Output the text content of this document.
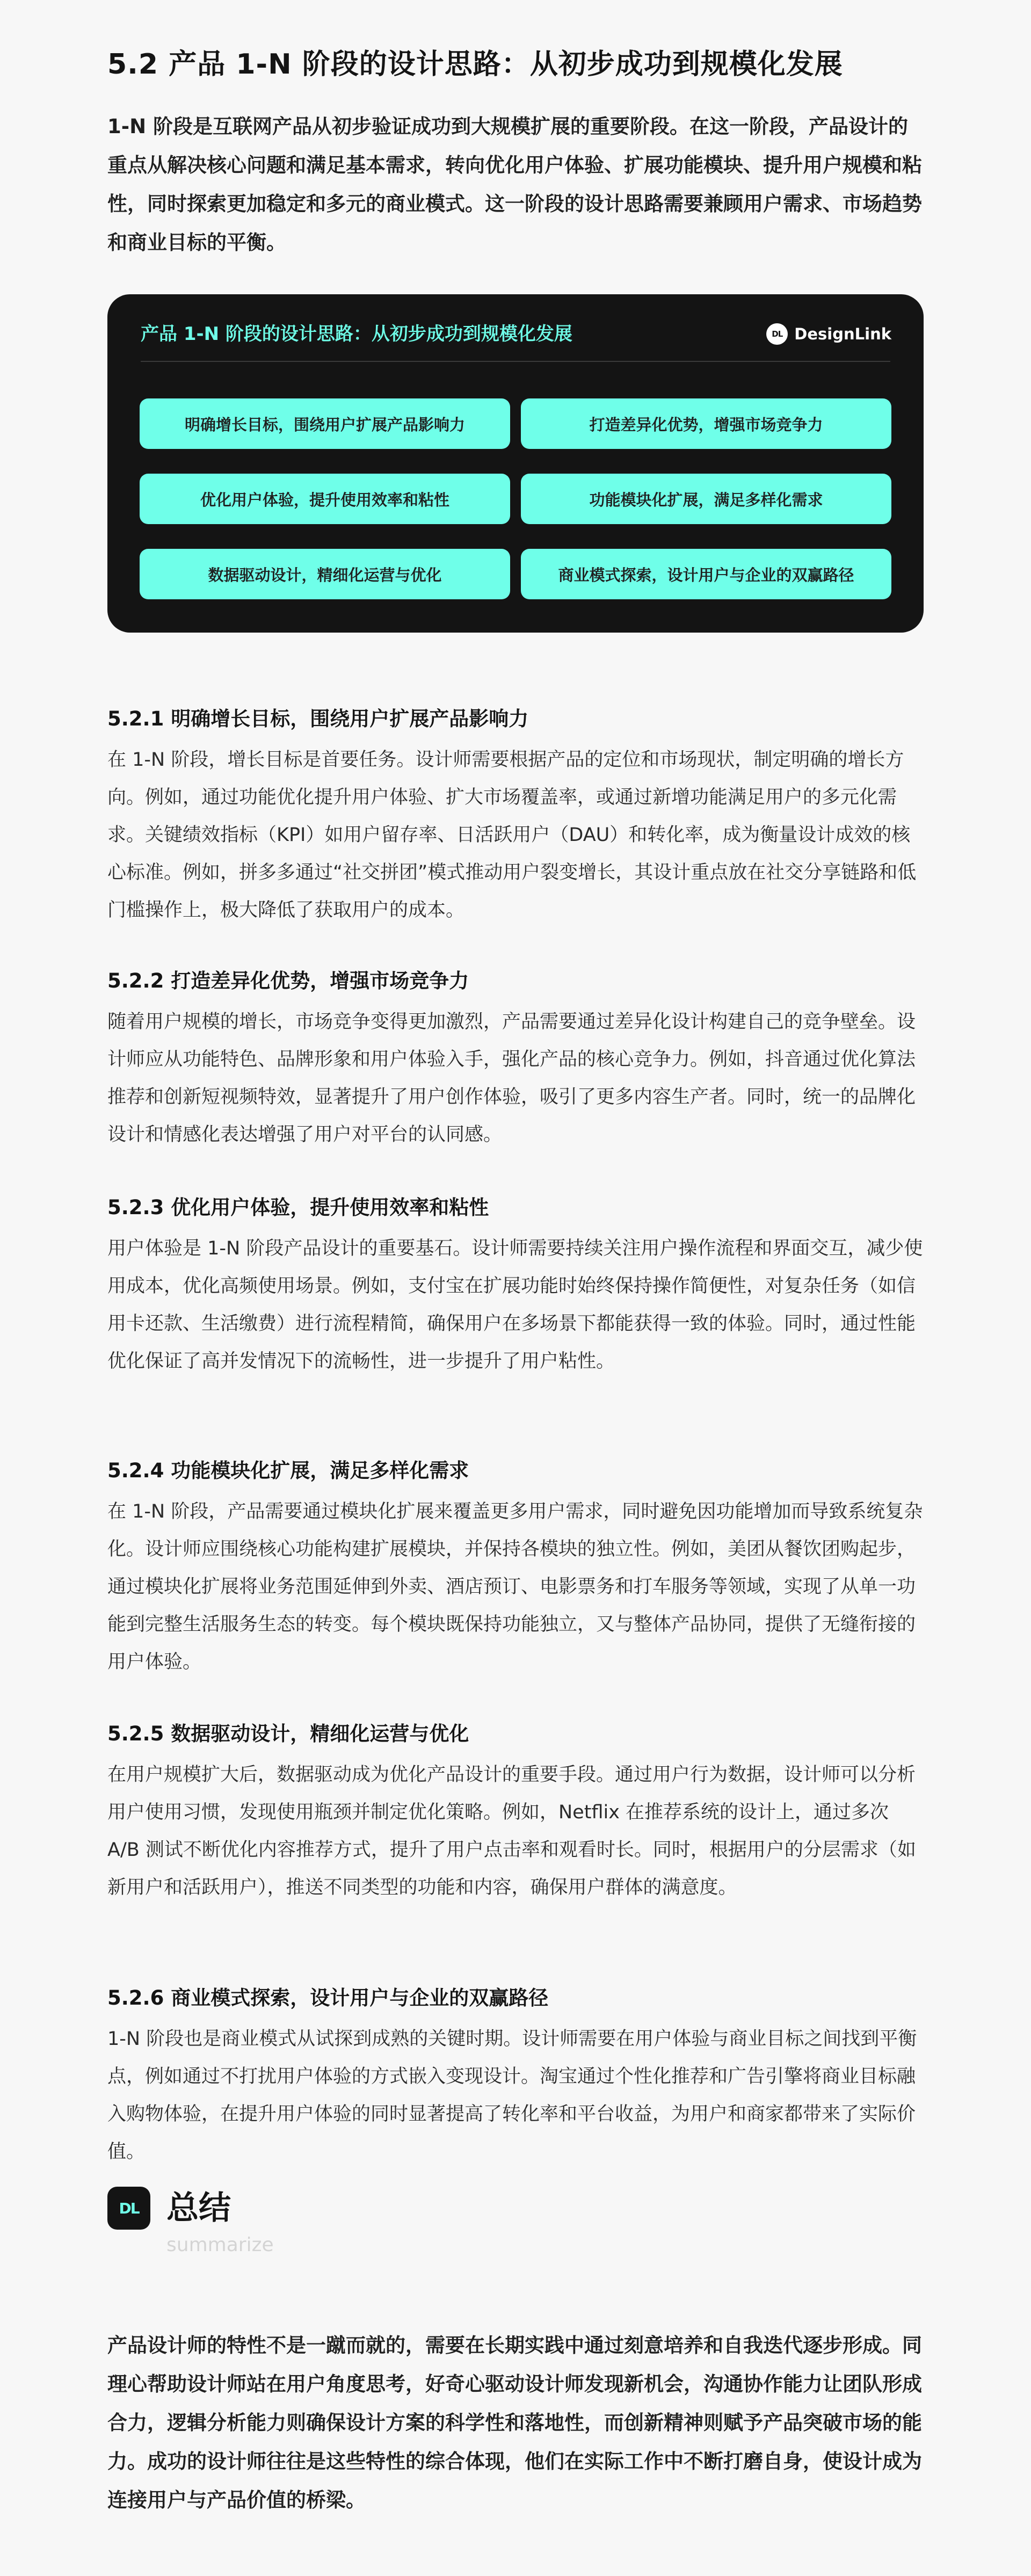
5.2 产品 1-N 阶段的设计思路：从初步成功到规模化发展

1-N 阶段是互联网产品从初步验证成功到大规模扩展的重要阶段。在这一阶段，产品设计的重点从解决核心问题和满足基本需求，转向优化用户体验、扩展功能模块、提升用户规模和粘性，同时探索更加稳定和多元的商业模式。这一阶段的设计思路需要兼顾用户需求、市场趋势和商业目标的平衡。

产品 1-N 阶段的设计思路：从初步成功到规模化发展	DL DesignLink
明确增长目标，围绕用户扩展产品影响力	打造差异化优势，增强市场竞争力
优化用户体验，提升使用效率和粘性	功能模块化扩展，满足多样化需求
数据驱动设计，精细化运营与优化	商业模式探索，设计用户与企业的双赢路径
5.2.1 明确增长目标，围绕用户扩展产品影响力

在 1-N 阶段，增长目标是首要任务。设计师需要根据产品的定位和市场现状，制定明确的增长方向。例如，通过功能优化提升用户体验、扩大市场覆盖率，或通过新增功能满足用户的多元化需求。关键绩效指标（KPI）如用户留存率、日活跃用户（DAU）和转化率，成为衡量设计成效的核心标准。例如，拼多多通过“社交拼团”模式推动用户裂变增长，其设计重点放在社交分享链路和低门槛操作上，极大降低了获取用户的成本。

5.2.2 打造差异化优势，增强市场竞争力

随着用户规模的增长，市场竞争变得更加激烈，产品需要通过差异化设计构建自己的竞争壁垒。设计师应从功能特色、品牌形象和用户体验入手，强化产品的核心竞争力。例如，抖音通过优化算法推荐和创新短视频特效，显著提升了用户创作体验，吸引了更多内容生产者。同时，统一的品牌化设计和情感化表达增强了用户对平台的认同感。

5.2.3 优化用户体验，提升使用效率和粘性

用户体验是 1-N 阶段产品设计的重要基石。设计师需要持续关注用户操作流程和界面交互，减少使用成本，优化高频使用场景。例如，支付宝在扩展功能时始终保持操作简便性，对复杂任务（如信用卡还款、生活缴费）进行流程精简，确保用户在多场景下都能获得一致的体验。同时，通过性能优化保证了高并发情况下的流畅性，进一步提升了用户粘性。

5.2.4 功能模块化扩展，满足多样化需求

在 1-N 阶段，产品需要通过模块化扩展来覆盖更多用户需求，同时避免因功能增加而导致系统复杂化。设计师应围绕核心功能构建扩展模块，并保持各模块的独立性。例如，美团从餐饮团购起步，通过模块化扩展将业务范围延伸到外卖、酒店预订、电影票务和打车服务等领域，实现了从单一功能到完整生活服务生态的转变。每个模块既保持功能独立，又与整体产品协同，提供了无缝衔接的用户体验。

5.2.5 数据驱动设计，精细化运营与优化

在用户规模扩大后，数据驱动成为优化产品设计的重要手段。通过用户行为数据，设计师可以分析用户使用习惯，发现使用瓶颈并制定优化策略。例如，Netflix 在推荐系统的设计上，通过多次 A/B 测试不断优化内容推荐方式，提升了用户点击率和观看时长。同时，根据用户的分层需求（如新用户和活跃用户），推送不同类型的功能和内容，确保用户群体的满意度。

5.2.6 商业模式探索，设计用户与企业的双赢路径

1-N 阶段也是商业模式从试探到成熟的关键时期。设计师需要在用户体验与商业目标之间找到平衡点，例如通过不打扰用户体验的方式嵌入变现设计。淘宝通过个性化推荐和广告引擎将商业目标融入购物体验，在提升用户体验的同时显著提高了转化率和平台收益，为用户和商家都带来了实际价值。

DL 总结
summarize

产品设计师的特性不是一蹴而就的，需要在长期实践中通过刻意培养和自我迭代逐步形成。同理心帮助设计师站在用户角度思考，好奇心驱动设计师发现新机会，沟通协作能力让团队形成合力，逻辑分析能力则确保设计方案的科学性和落地性，而创新精神则赋予产品突破市场的能力。成功的设计师往往是这些特性的综合体现，他们在实际工作中不断打磨自身，使设计成为连接用户与产品价值的桥梁。
